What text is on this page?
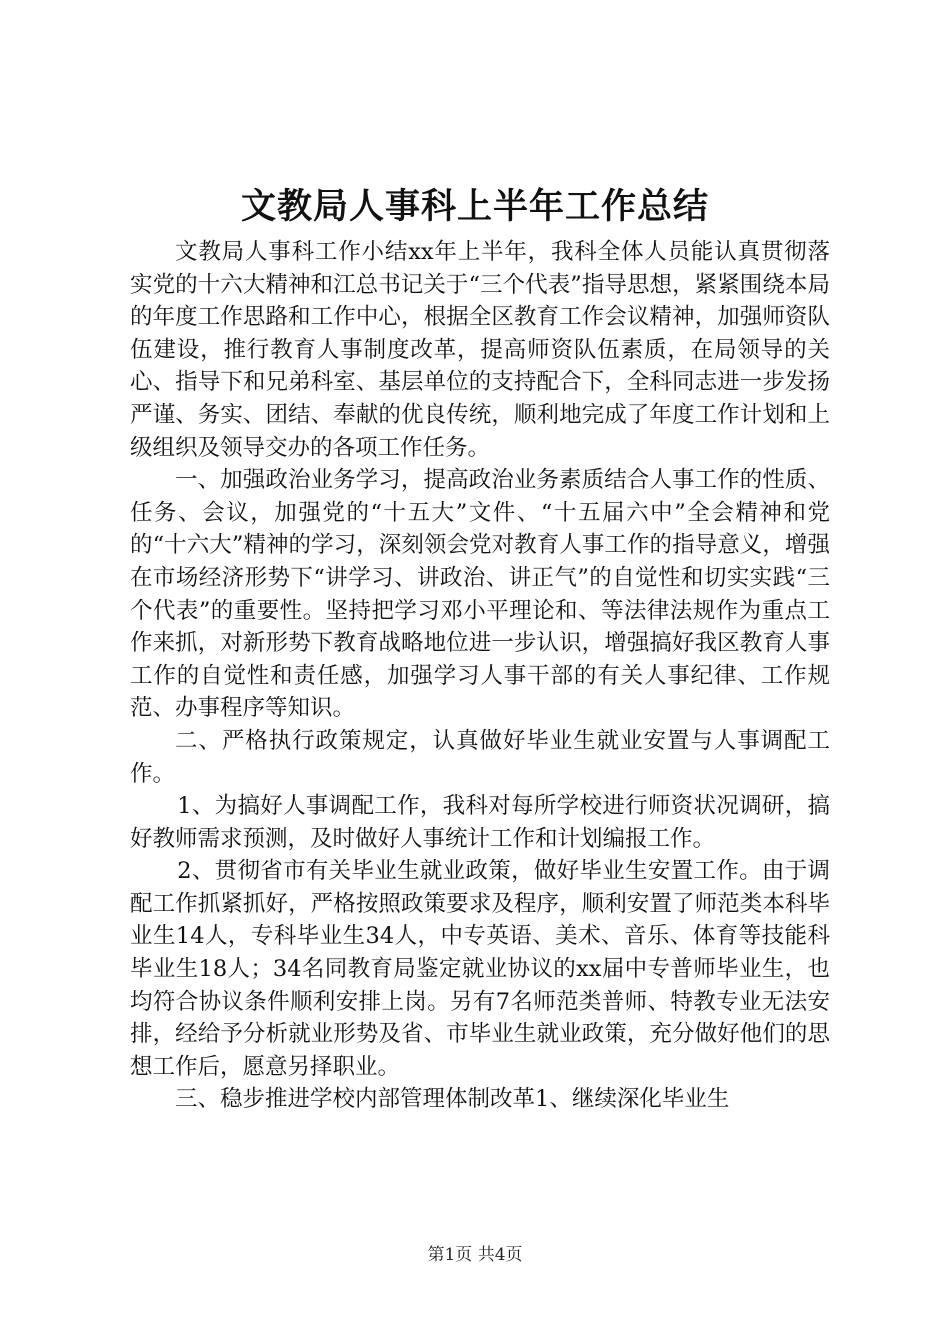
文教局人事科上半年工作总结

文教局人事科工作小结xx年上半年，我科全体人员能认真贯彻落实党的十六大精神和江总书记关于“三个代表”指导思想，紧紧围绕本局的年度工作思路和工作中心，根据全区教育工作会议精神，加强师资队伍建设，推行教育人事制度改革，提高师资队伍素质，在局领导的关心、指导下和兄弟科室、基层单位的支持配合下，全科同志进一步发扬严谨、务实、团结、奉献的优良传统，顺利地完成了年度工作计划和上级组织及领导交办的各项工作任务。

一、加强政治业务学习，提高政治业务素质结合人事工作的性质、任务、会议，加强党的“十五大”文件、“十五届六中”全会精神和党的“十六大”精神的学习，深刻领会党对教育人事工作的指导意义，增强在市场经济形势下“讲学习、讲政治、讲正气”的自觉性和切实实践“三个代表”的重要性。坚持把学习邓小平理论和、等法律法规作为重点工作来抓，对新形势下教育战略地位进一步认识，增强搞好我区教育人事工作的自觉性和责任感，加强学习人事干部的有关人事纪律、工作规范、办事程序等知识。

二、严格执行政策规定，认真做好毕业生就业安置与人事调配工作。

1、为搞好人事调配工作，我科对每所学校进行师资状况调研，搞好教师需求预测，及时做好人事统计工作和计划编报工作。

2、贯彻省市有关毕业生就业政策，做好毕业生安置工作。由于调配工作抓紧抓好，严格按照政策要求及程序，顺利安置了师范类本科毕业生14人，专科毕业生34人，中专英语、美术、音乐、体育等技能科毕业生18人；34名同教育局鉴定就业协议的xx届中专普师毕业生，也均符合协议条件顺利安排上岗。另有7名师范类普师、特教专业无法安排，经给予分析就业形势及省、市毕业生就业政策，充分做好他们的思想工作后，愿意另择职业。

三、稳步推进学校内部管理体制改革1、继续深化毕业生

第1页 共4页
